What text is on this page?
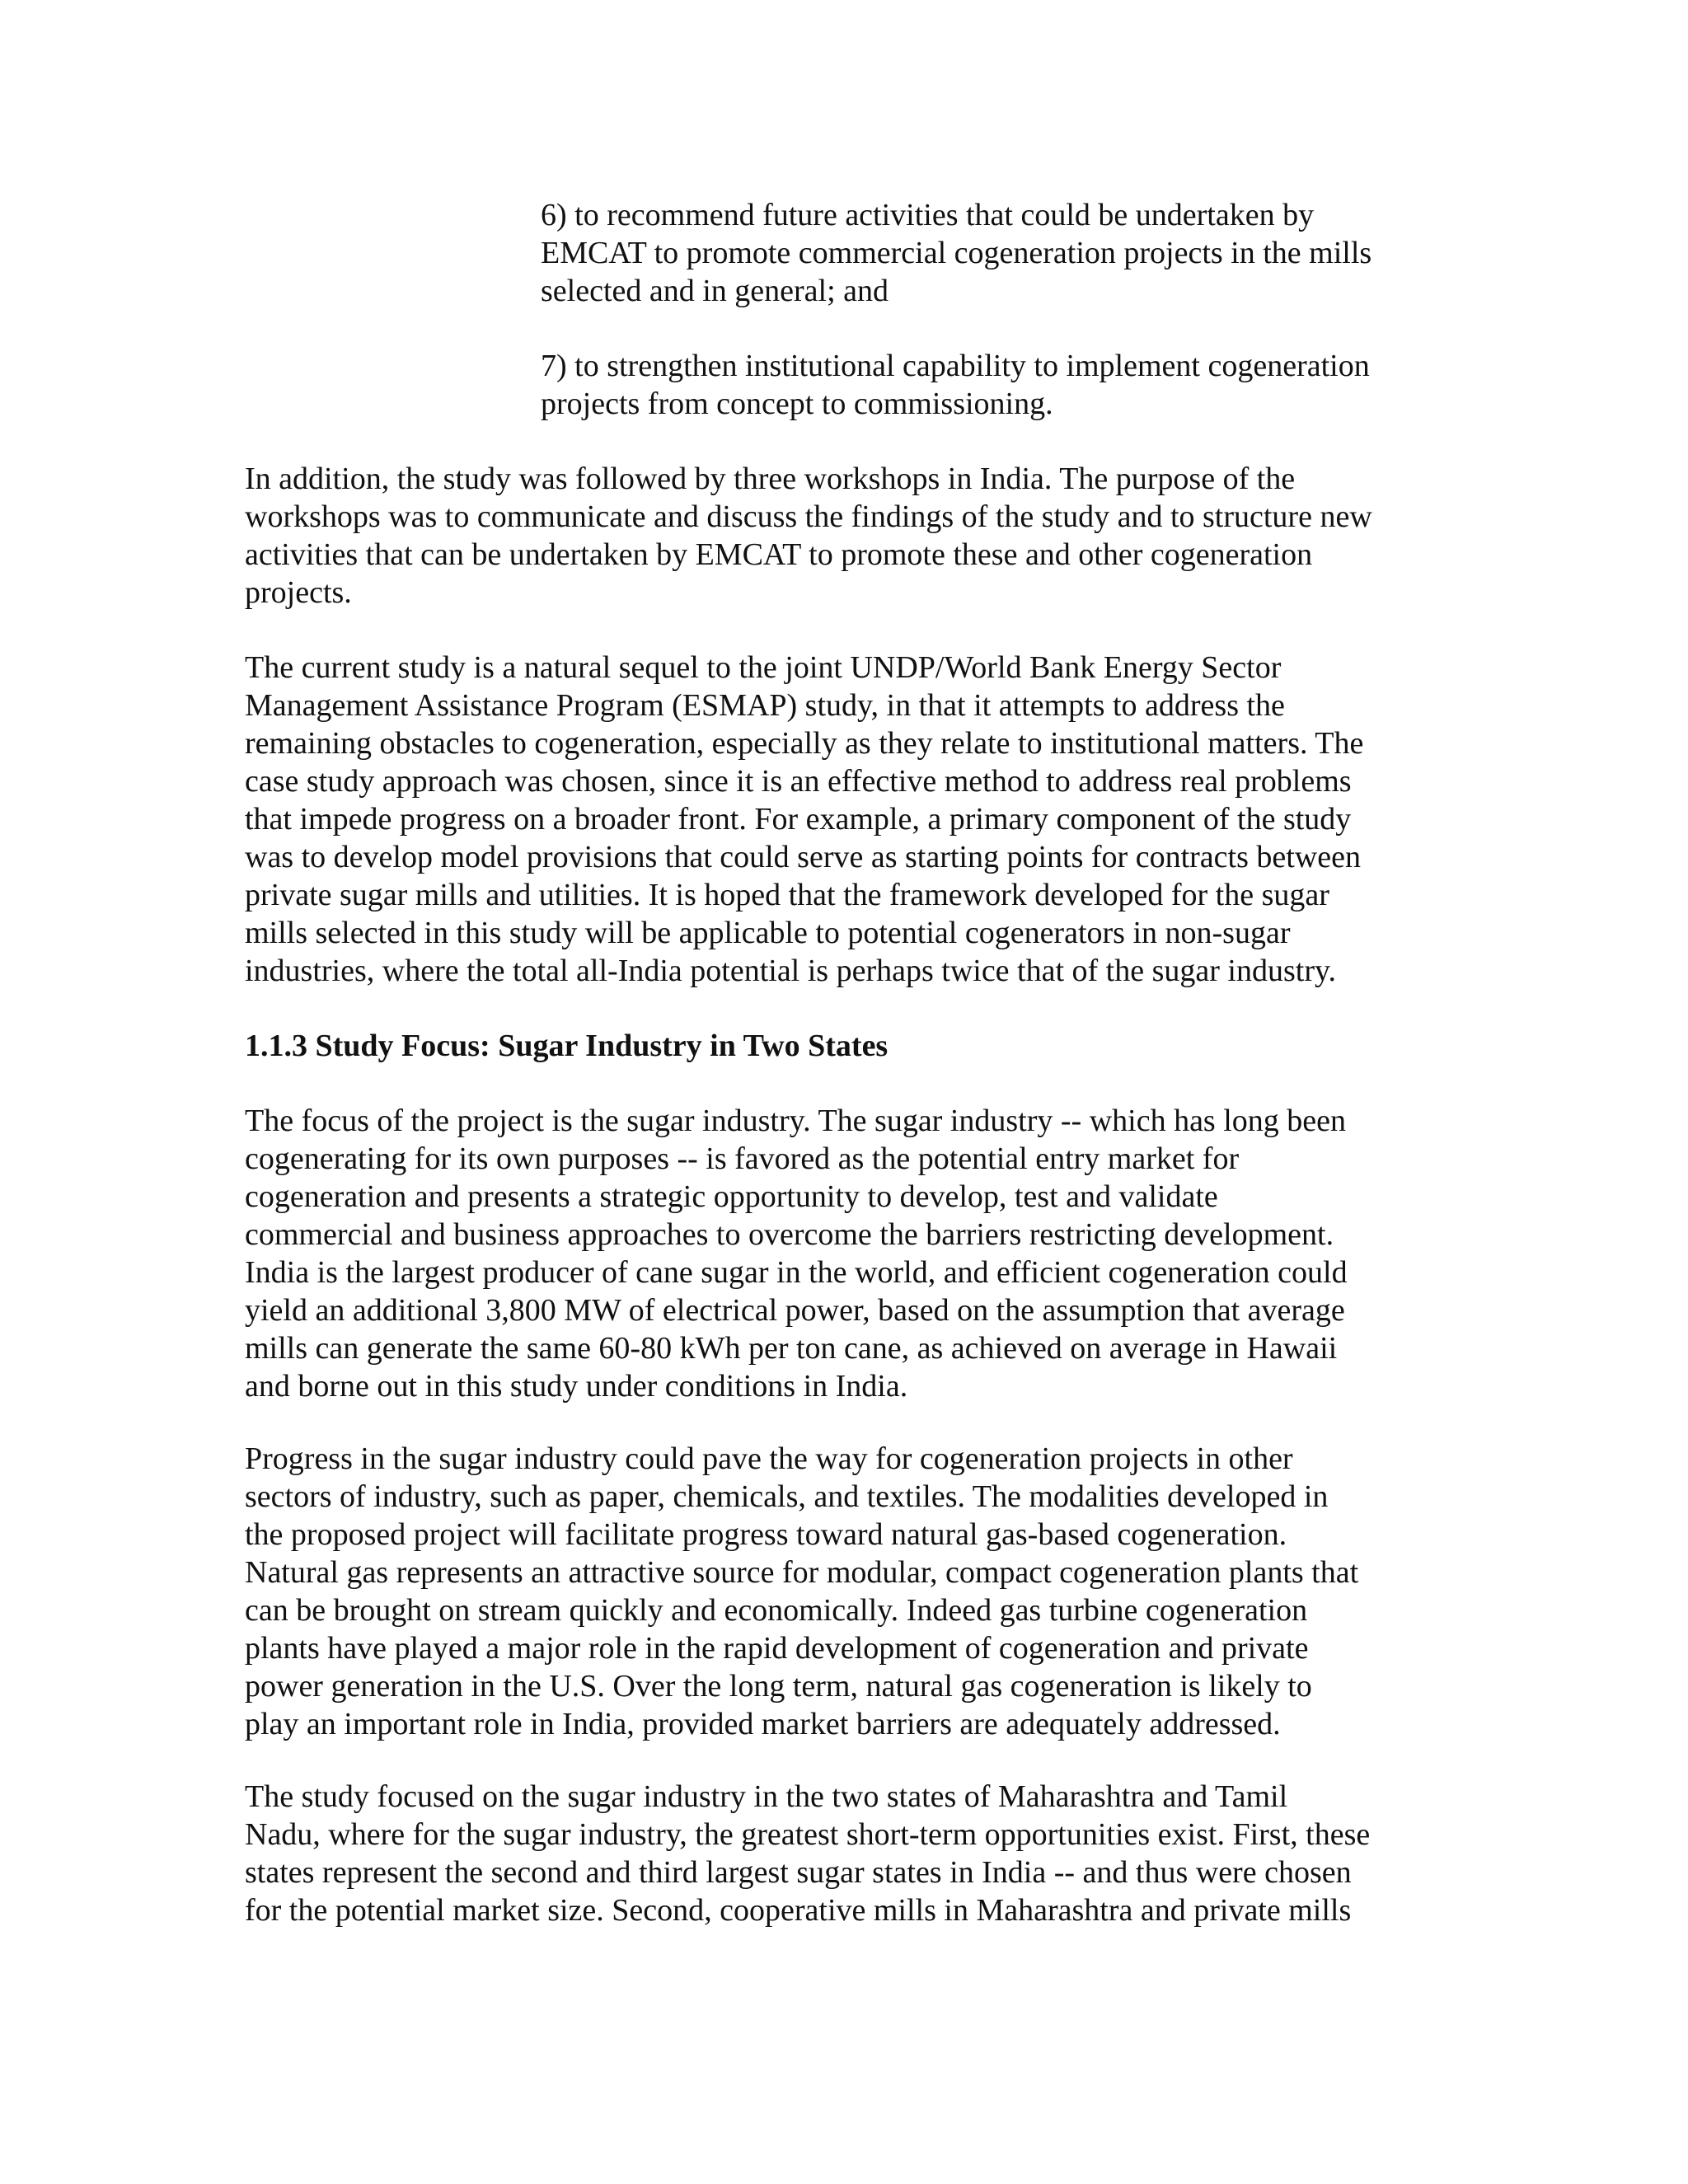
6) to recommend future activities that could be undertaken by
EMCAT to promote commercial cogeneration projects in the mills
selected and in general; and

7) to strengthen institutional capability to implement cogeneration
projects from concept to commissioning.

In addition, the study was followed by three workshops in India. The purpose of the
workshops was to communicate and discuss the findings of the study and to structure new
activities that can be undertaken by EMCAT to promote these and other cogeneration
projects.

The current study is a natural sequel to the joint UNDP/World Bank Energy Sector
Management Assistance Program (ESMAP) study, in that it attempts to address the
remaining obstacles to cogeneration, especially as they relate to institutional matters. The
case study approach was chosen, since it is an effective method to address real problems
that impede progress on a broader front. For example, a primary component of the study
was to develop model provisions that could serve as starting points for contracts between
private sugar mills and utilities. It is hoped that the framework developed for the sugar
mills selected in this study will be applicable to potential cogenerators in non-sugar
industries, where the total all-India potential is perhaps twice that of the sugar industry.

1.1.3 Study Focus: Sugar Industry in Two States

The focus of the project is the sugar industry. The sugar industry -- which has long been
cogenerating for its own purposes -- is favored as the potential entry market for
cogeneration and presents a strategic opportunity to develop, test and validate
commercial and business approaches to overcome the barriers restricting development.
India is the largest producer of cane sugar in the world, and efficient cogeneration could
yield an additional 3,800 MW of electrical power, based on the assumption that average
mills can generate the same 60-80 kWh per ton cane, as achieved on average in Hawaii
and borne out in this study under conditions in India.

Progress in the sugar industry could pave the way for cogeneration projects in other
sectors of industry, such as paper, chemicals, and textiles. The modalities developed in
the proposed project will facilitate progress toward natural gas-based cogeneration.
Natural gas represents an attractive source for modular, compact cogeneration plants that
can be brought on stream quickly and economically. Indeed gas turbine cogeneration
plants have played a major role in the rapid development of cogeneration and private
power generation in the U.S. Over the long term, natural gas cogeneration is likely to
play an important role in India, provided market barriers are adequately addressed.

The study focused on the sugar industry in the two states of Maharashtra and Tamil
Nadu, where for the sugar industry, the greatest short-term opportunities exist. First, these
states represent the second and third largest sugar states in India -- and thus were chosen
for the potential market size. Second, cooperative mills in Maharashtra and private mills
